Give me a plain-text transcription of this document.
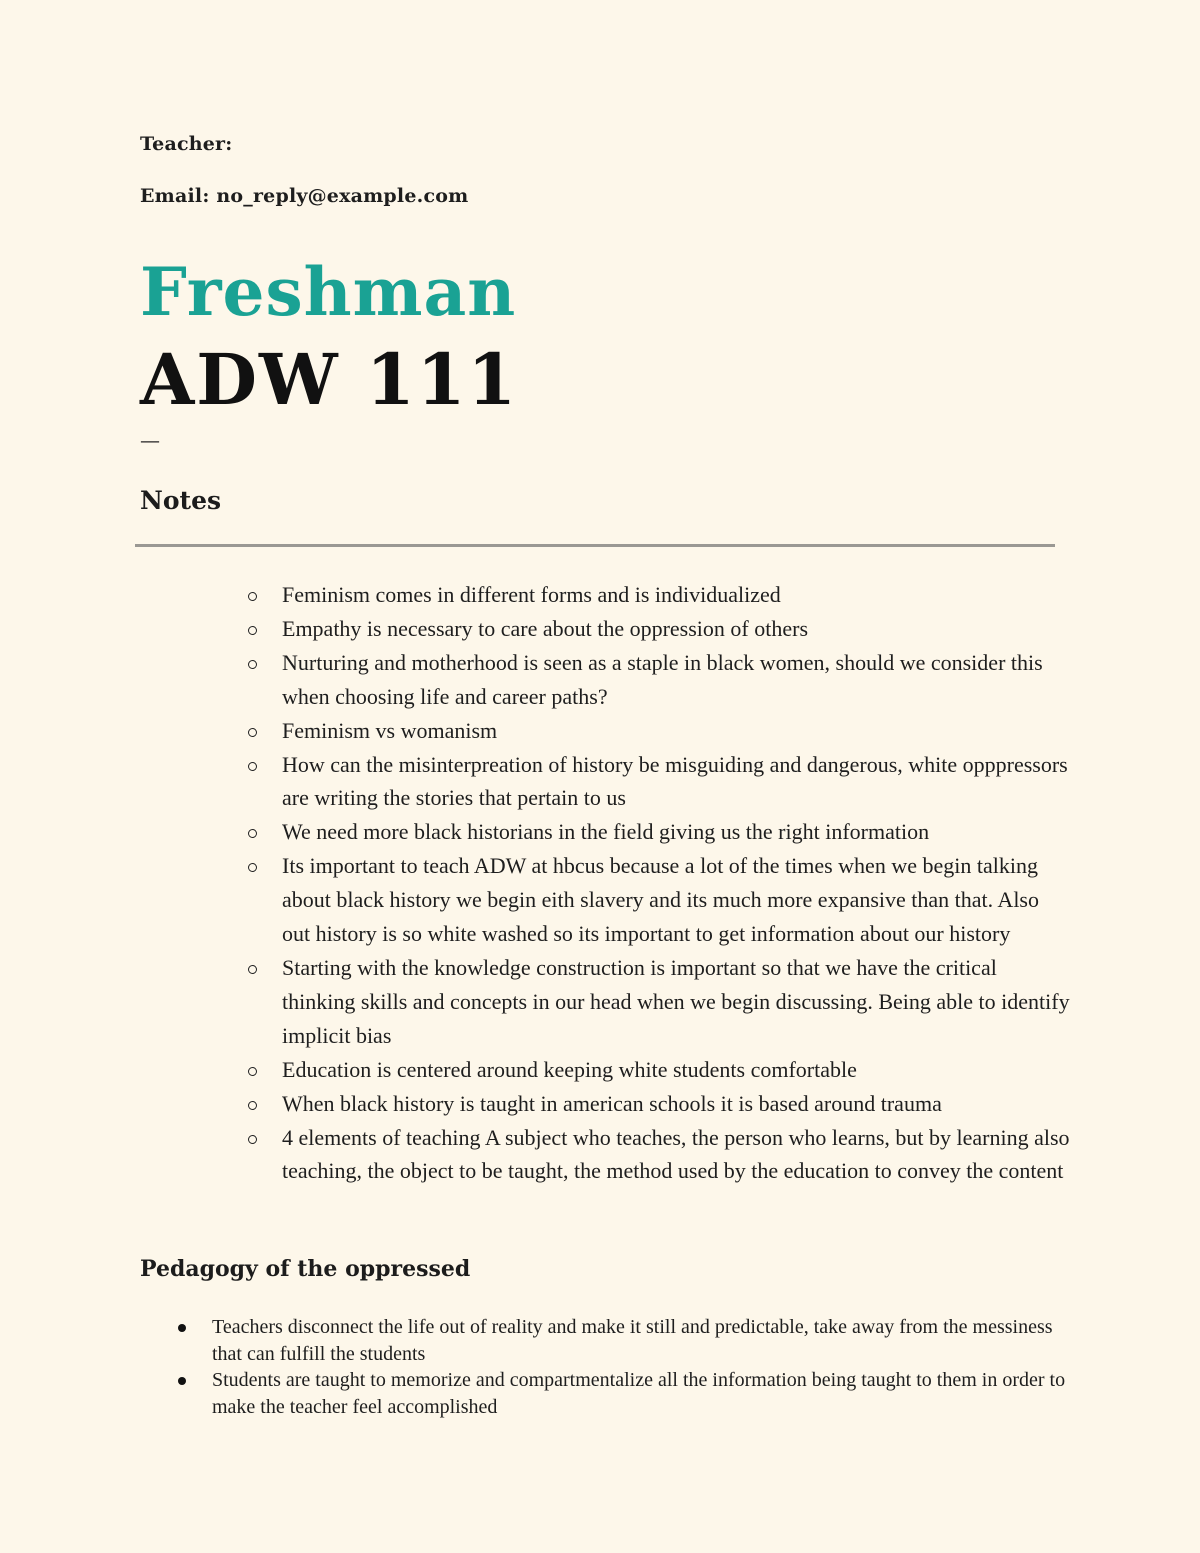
Teacher:
Email: no_reply@example.com
Freshman
ADW 111
—
Notes
Feminism comes in different forms and is individualized
Empathy is necessary to care about the oppression of others
Nurturing and motherhood is seen as a staple in black women, should we consider this when choosing life and career paths?
Feminism vs womanism
How can the misinterpreation of history be misguiding and dangerous, white opppressors are writing the stories that pertain to us
We need more black historians in the field giving us the right information
Its important to teach ADW at hbcus because a lot of the times when we begin talking about black history we begin eith slavery and its much more expansive than that. Also out history is so white washed so its important to get information about our history
Starting with the knowledge construction is important so that we have the critical thinking skills and concepts in our head when we begin discussing. Being able to identify implicit bias
Education is centered around keeping white students comfortable
When black history is taught in american schools it is based around trauma
4 elements of teaching A subject who teaches, the person who learns, but by learning also teaching, the object to be taught, the method used by the education to convey the content
Pedagogy of the oppressed
Teachers disconnect the life out of reality and make it still and predictable, take away from the messiness that can fulfill the students
Students are taught to memorize and compartmentalize all the information being taught to them in order to make the teacher feel accomplished
